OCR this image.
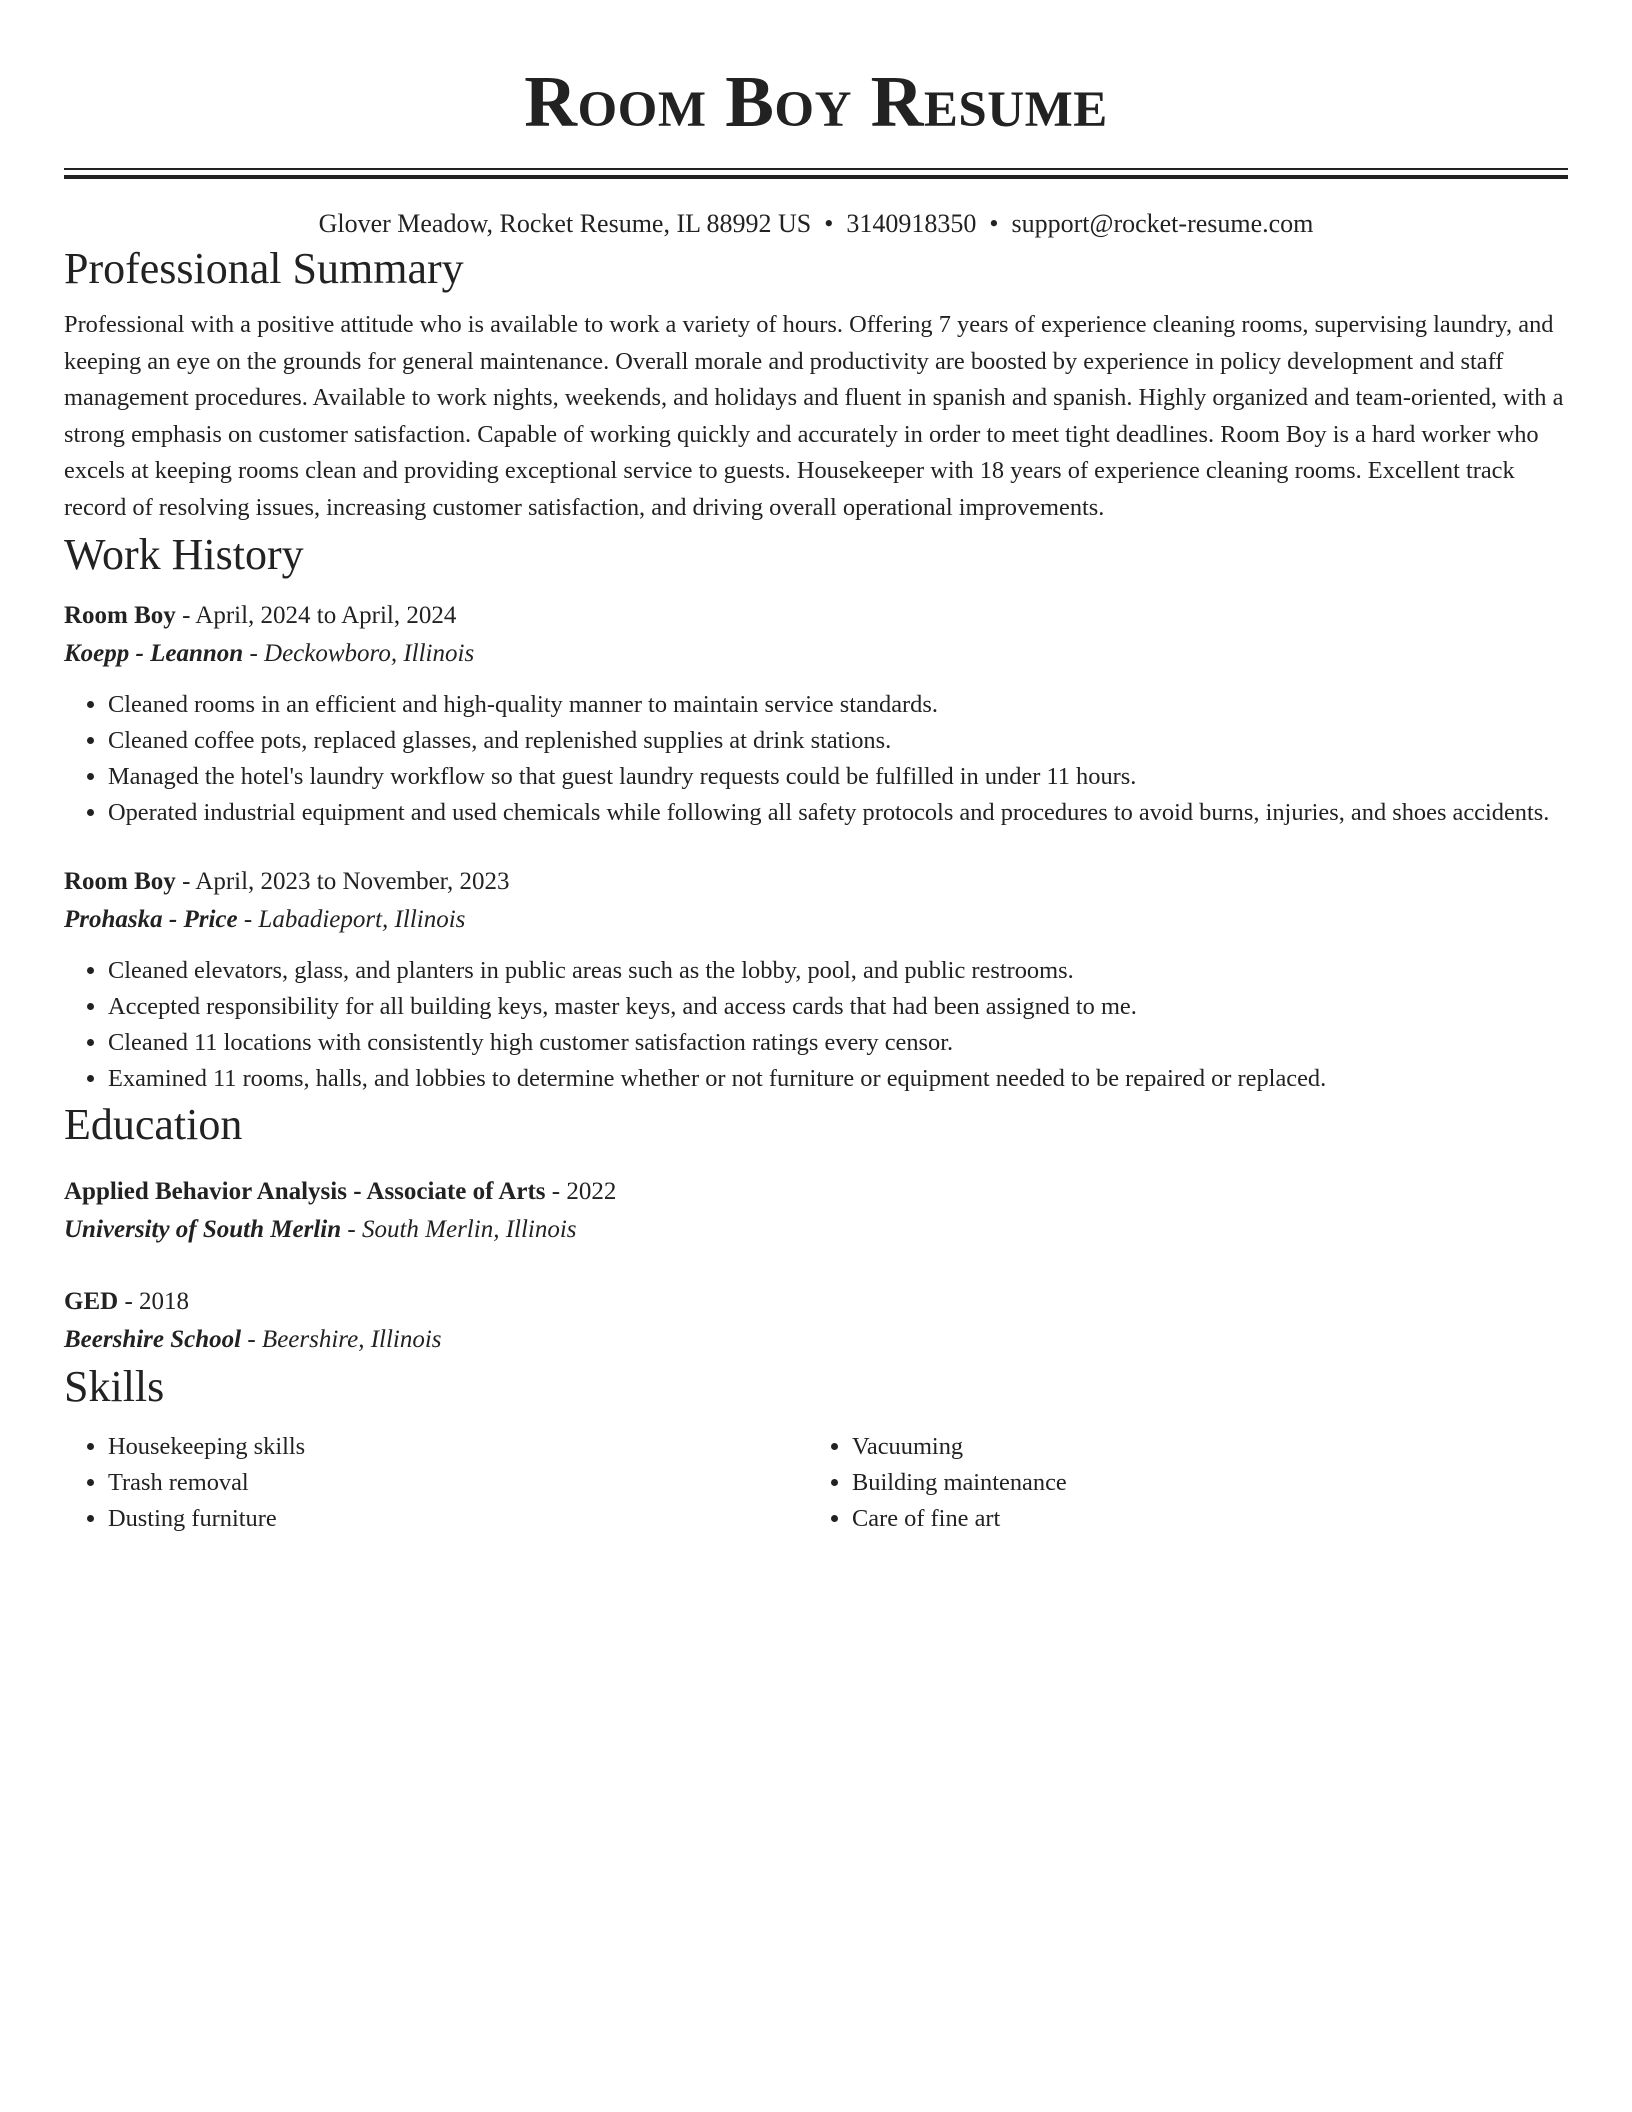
Room Boy Resume
Glover Meadow, Rocket Resume, IL 88992 US • 3140918350 • support@rocket-resume.com
Professional Summary
Professional with a positive attitude who is available to work a variety of hours. Offering 7 years of experience cleaning rooms, supervising laundry, and keeping an eye on the grounds for general maintenance. Overall morale and productivity are boosted by experience in policy development and staff management procedures. Available to work nights, weekends, and holidays and fluent in spanish and spanish. Highly organized and team-oriented, with a strong emphasis on customer satisfaction. Capable of working quickly and accurately in order to meet tight deadlines. Room Boy is a hard worker who excels at keeping rooms clean and providing exceptional service to guests. Housekeeper with 18 years of experience cleaning rooms. Excellent track record of resolving issues, increasing customer satisfaction, and driving overall operational improvements.
Work History
Room Boy - April, 2024 to April, 2024
Koepp - Leannon - Deckowboro, Illinois
• Cleaned rooms in an efficient and high-quality manner to maintain service standards.
• Cleaned coffee pots, replaced glasses, and replenished supplies at drink stations.
• Managed the hotel's laundry workflow so that guest laundry requests could be fulfilled in under 11 hours.
• Operated industrial equipment and used chemicals while following all safety protocols and procedures to avoid burns, injuries, and shoes accidents.
Room Boy - April, 2023 to November, 2023
Prohaska - Price - Labadieport, Illinois
• Cleaned elevators, glass, and planters in public areas such as the lobby, pool, and public restrooms.
• Accepted responsibility for all building keys, master keys, and access cards that had been assigned to me.
• Cleaned 11 locations with consistently high customer satisfaction ratings every censor.
• Examined 11 rooms, halls, and lobbies to determine whether or not furniture or equipment needed to be repaired or replaced.
Education
Applied Behavior Analysis - Associate of Arts - 2022
University of South Merlin - South Merlin, Illinois
GED - 2018
Beershire School - Beershire, Illinois
Skills
• Housekeeping skills
• Trash removal
• Dusting furniture
• Vacuuming
• Building maintenance
• Care of fine art
